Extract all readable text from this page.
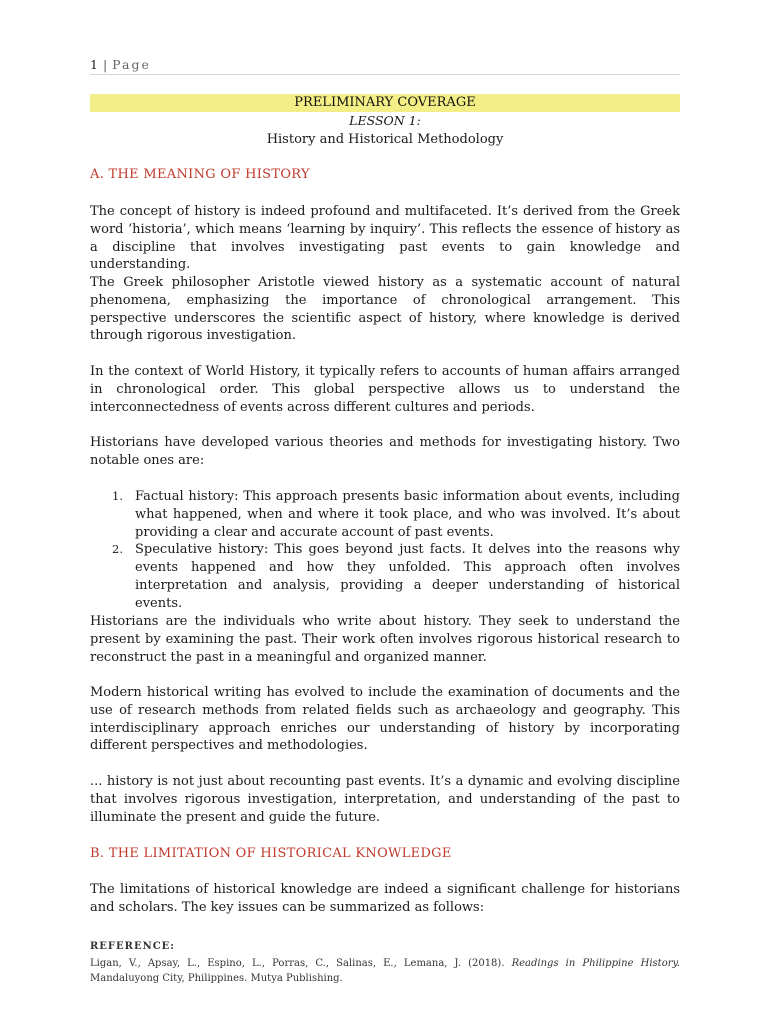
1 | Page
PRELIMINARY COVERAGE
LESSON 1:
History and Historical Methodology
A. THE MEANING OF HISTORY

The concept of history is indeed profound and multifaceted. It’s derived from the Greek word ‘historia’, which means ‘learning by inquiry’. This reflects the essence of history as a discipline that involves investigating past events to gain knowledge and understanding.

The Greek philosopher Aristotle viewed history as a systematic account of natural phenomena, emphasizing the importance of chronological arrangement. This perspective underscores the scientific aspect of history, where knowledge is derived through rigorous investigation.

In the context of World History, it typically refers to accounts of human affairs arranged in chronological order. This global perspective allows us to understand the interconnectedness of events across different cultures and periods.

Historians have developed various theories and methods for investigating history. Two notable ones are:

1. Factual history: This approach presents basic information about events, including what happened, when and where it took place, and who was involved. It’s about providing a clear and accurate account of past events.
2. Speculative history: This goes beyond just facts. It delves into the reasons why events happened and how they unfolded. This approach often involves interpretation and analysis, providing a deeper understanding of historical events.

Historians are the individuals who write about history. They seek to understand the present by examining the past. Their work often involves rigorous historical research to reconstruct the past in a meaningful and organized manner.

Modern historical writing has evolved to include the examination of documents and the use of research methods from related fields such as archaeology and geography. This interdisciplinary approach enriches our understanding of history by incorporating different perspectives and methodologies.

... history is not just about recounting past events. It’s a dynamic and evolving discipline that involves rigorous investigation, interpretation, and understanding of the past to illuminate the present and guide the future.

B. THE LIMITATION OF HISTORICAL KNOWLEDGE

The limitations of historical knowledge are indeed a significant challenge for historians and scholars. The key issues can be summarized as follows:

REFERENCE:
Ligan, V., Apsay, L., Espino, L., Porras, C., Salinas, E., Lemana, J. (2018). Readings in Philippine History. Mandaluyong City, Philippines. Mutya Publishing.
